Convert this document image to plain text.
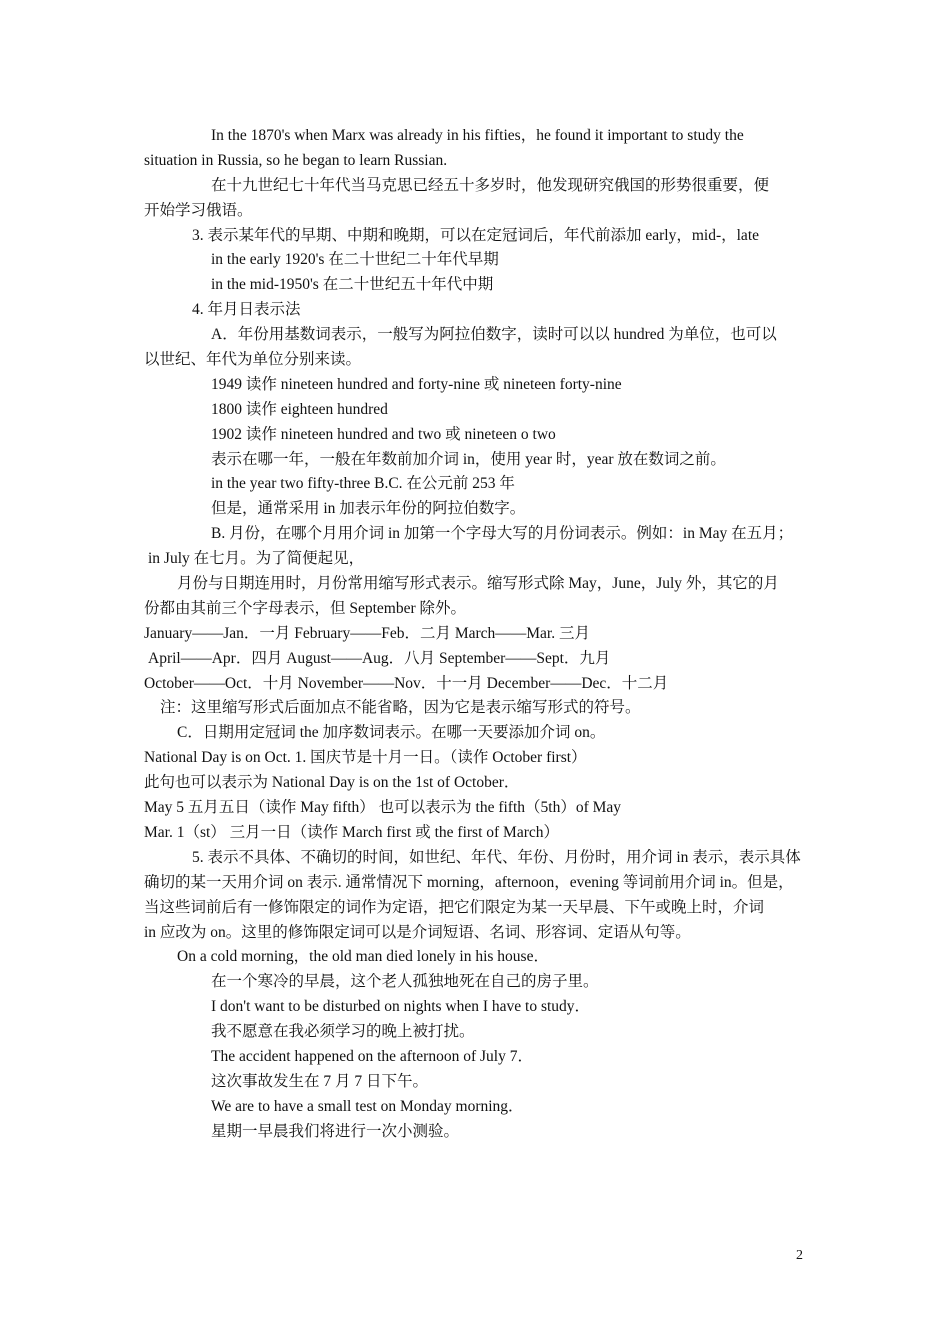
In the 1870's when Marx was already in his fifties，he found it important to study the
situation in Russia, so he began to learn Russian.
在十九世纪七十年代当马克思已经五十多岁时，他发现研究俄国的形势很重要，便
开始学习俄语。
3. 表示某年代的早期、中期和晚期，可以在定冠词后，年代前添加 early，mid-，late
in the early 1920's 在二十世纪二十年代早期
in the mid-1950's 在二十世纪五十年代中期
4. 年月日表示法
A．年份用基数词表示，一般写为阿拉伯数字，读时可以以 hundred 为单位，也可以
以世纪、年代为单位分别来读。
1949 读作 nineteen hundred and forty-nine 或 nineteen forty-nine
1800 读作 eighteen hundred
1902 读作 nineteen hundred and two 或 nineteen o two
表示在哪一年，一般在年数前加介词 in，使用 year 时，year 放在数词之前。
in the year two fifty-three B.C. 在公元前 253 年
但是，通常采用 in 加表示年份的阿拉伯数字。
B. 月份，在哪个月用介词 in 加第一个字母大写的月份词表示。例如：in May 在五月；
in July 在七月。为了简便起见，
月份与日期连用时，月份常用缩写形式表示。缩写形式除 May，June，July 外，其它的月
份都由其前三个字母表示，但 September 除外。
January——Jan．一月 February——Feb．二月 March——Mar. 三月
April——Apr．四月 August——Aug．八月 September——Sept．九月
October——Oct．十月 November——Nov．十一月 December——Dec．十二月
注：这里缩写形式后面加点不能省略，因为它是表示缩写形式的符号。
C．日期用定冠词 the 加序数词表示。在哪一天要添加介词 on。
National Day is on Oct. 1. 国庆节是十月一日。（读作 October first）
此句也可以表示为 National Day is on the 1st of October．
May 5 五月五日（读作 May fifth） 也可以表示为 the fifth（5th）of May
Mar. 1（st） 三月一日（读作 March first 或 the first of March）
5. 表示不具体、不确切的时间，如世纪、年代、年份、月份时，用介词 in 表示，表示具体
确切的某一天用介词 on 表示. 通常情况下 morning，afternoon，evening 等词前用介词 in。但是，
当这些词前后有一修饰限定的词作为定语，把它们限定为某一天早晨、下午或晚上时，介词
in 应改为 on。这里的修饰限定词可以是介词短语、名词、形容词、定语从句等。
On a cold morning，the old man died lonely in his house．
在一个寒冷的早晨，这个老人孤独地死在自己的房子里。
I don't want to be disturbed on nights when I have to study．
我不愿意在我必须学习的晚上被打扰。
The accident happened on the afternoon of July 7．
这次事故发生在 7 月 7 日下午。
We are to have a small test on Monday morning．
星期一早晨我们将进行一次小测验。
2
